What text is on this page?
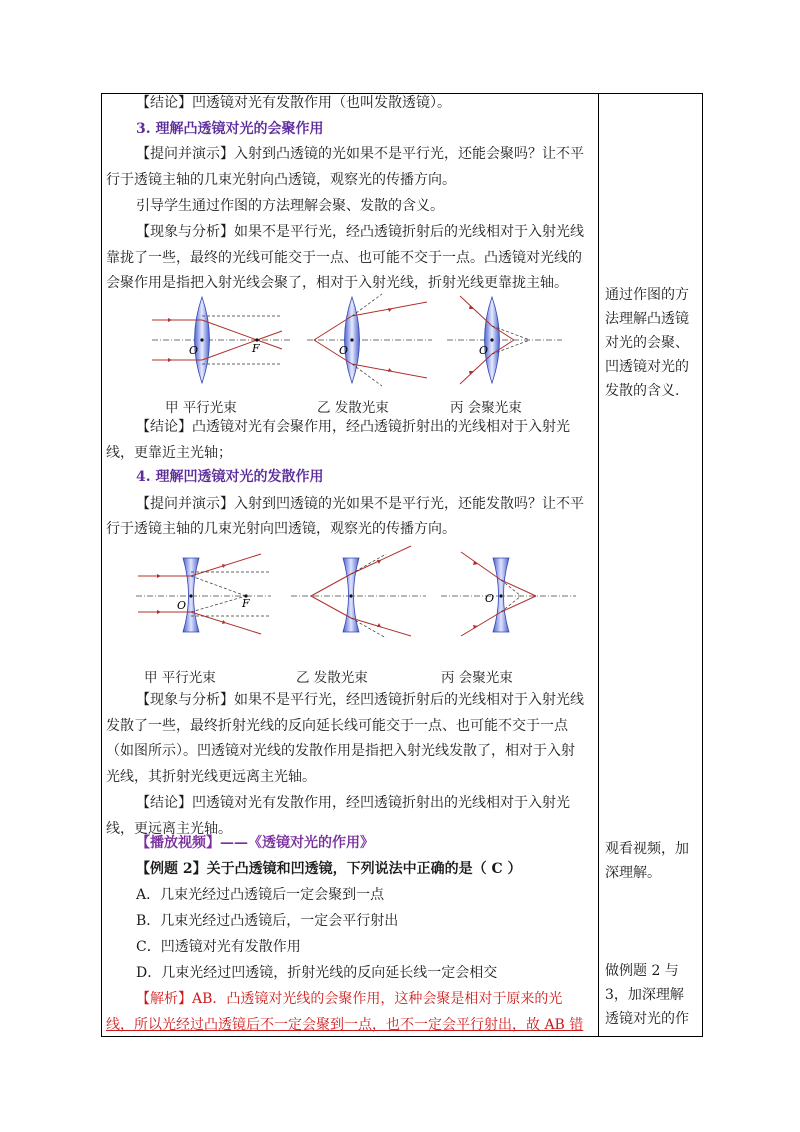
【结论】凹透镜对光有发散作用（也叫发散透镜）。
3. 理解凸透镜对光的会聚作用
【提问并演示】入射到凸透镜的光如果不是平行光，还能会聚吗？让不平
行于透镜主轴的几束光射向凸透镜，观察光的传播方向。
引导学生通过作图的方法理解会聚、发散的含义。
【现象与分析】如果不是平行光，经凸透镜折射后的光线相对于入射光线
靠拢了一些，最终的光线可能交于一点、也可能不交于一点。凸透镜对光线的
会聚作用是指把入射光线会聚了，相对于入射光线，折射光线更靠拢主轴。
O	F	O	O
甲 平行光束	乙 发散光束	丙 会聚光束
【结论】凸透镜对光有会聚作用，经凸透镜折射出的光线相对于入射光
线，更靠近主光轴；
4. 理解凹透镜对光的发散作用
【提问并演示】入射到凹透镜的光如果不是平行光，还能发散吗？让不平
行于透镜主轴的几束光射向凹透镜，观察光的传播方向。
O	F	O
甲 平行光束	乙 发散光束	丙 会聚光束
【现象与分析】如果不是平行光，经凹透镜折射后的光线相对于入射光线
发散了一些，最终折射光线的反向延长线可能交于一点、也可能不交于一点
（如图所示）。凹透镜对光线的发散作用是指把入射光线发散了，相对于入射
光线，其折射光线更远离主光轴。
【结论】凹透镜对光有发散作用，经凹透镜折射出的光线相对于入射光
线，更远离主光轴。
【播放视频】——《透镜对光的作用》
【例题 2】关于凸透镜和凹透镜，下列说法中正确的是（ C ）
A．几束光经过凸透镜后一定会聚到一点
B．几束光经过凸透镜后，一定会平行射出
C．凹透镜对光有发散作用
D．几束光经过凹透镜，折射光线的反向延长线一定会相交
【解析】AB．凸透镜对光线的会聚作用，这种会聚是相对于原来的光
线，所以光经过凸透镜后不一定会聚到一点，也不一定会平行射出，故 AB 错
通过作图的方
法理解凸透镜
对光的会聚、
凹透镜对光的
发散的含义.
观看视频，加
深理解。
做例题 2 与
3，加深理解
透镜对光的作
